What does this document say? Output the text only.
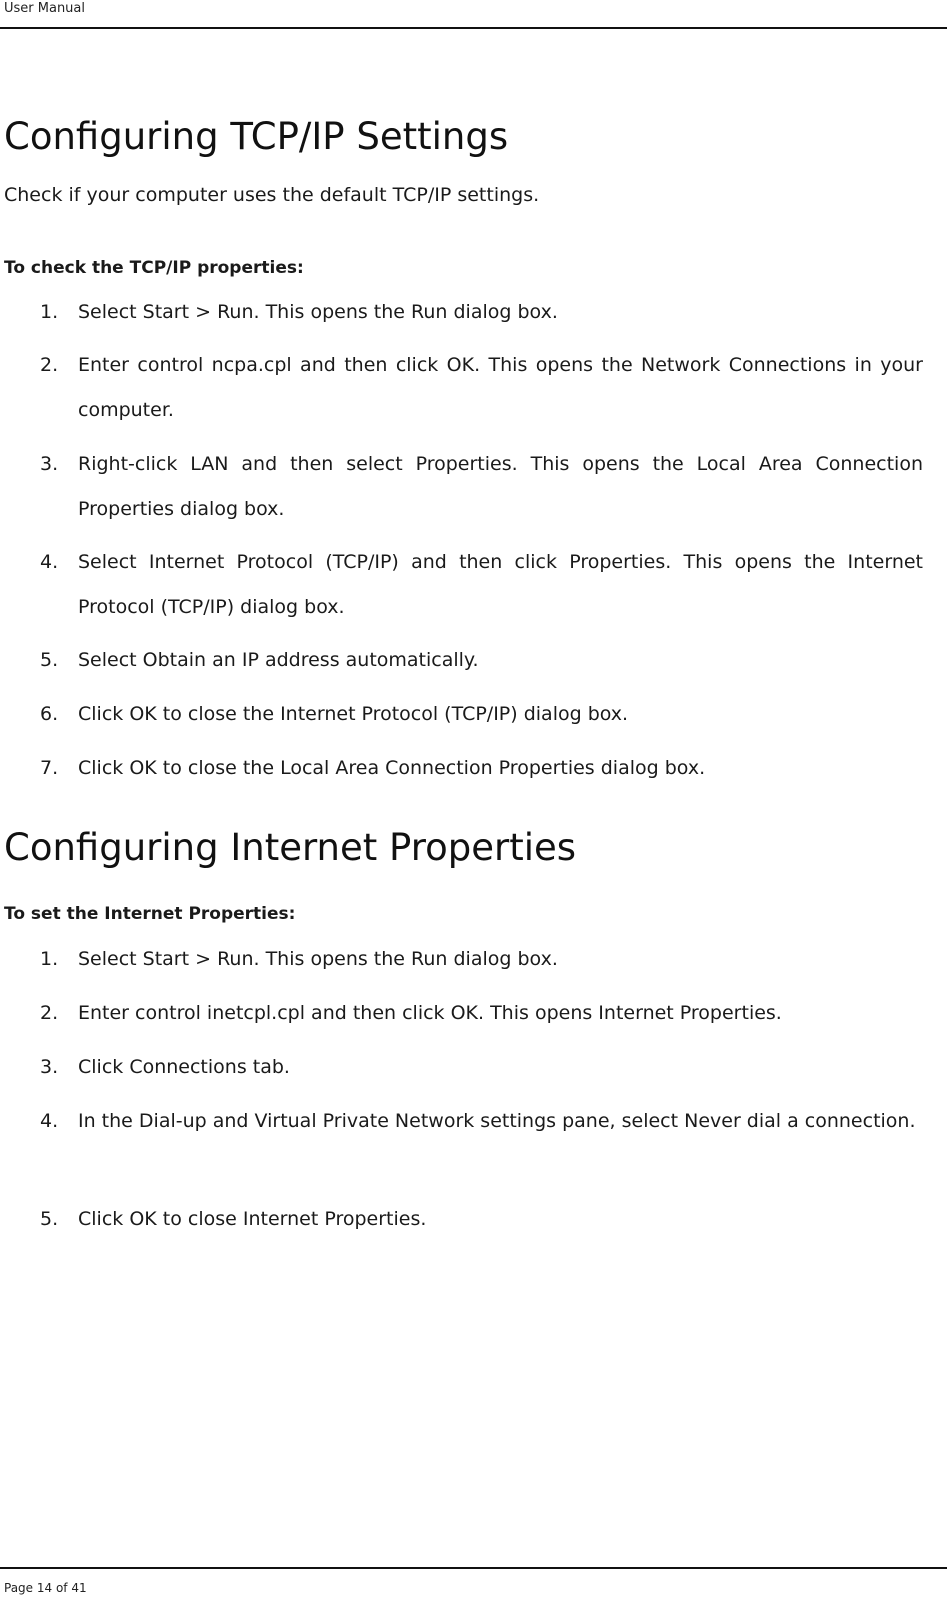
User Manual
Configuring TCP/IP Settings
Check if your computer uses the default TCP/IP settings.
To check the TCP/IP properties:
1. Select Start > Run. This opens the Run dialog box.
2. Enter control ncpa.cpl and then click OK. This opens the Network Connections in your computer.
3. Right-click LAN and then select Properties. This opens the Local Area Connection Properties dialog box.
4. Select Internet Protocol (TCP/IP) and then click Properties. This opens the Internet Protocol (TCP/IP) dialog box.
5. Select Obtain an IP address automatically.
6. Click OK to close the Internet Protocol (TCP/IP) dialog box.
7. Click OK to close the Local Area Connection Properties dialog box.
Configuring Internet Properties
To set the Internet Properties:
1. Select Start > Run. This opens the Run dialog box.
2. Enter control inetcpl.cpl and then click OK. This opens Internet Properties.
3. Click Connections tab.
4. In the Dial-up and Virtual Private Network settings pane, select Never dial a connection.
5. Click OK to close Internet Properties.
Page 14 of 41
